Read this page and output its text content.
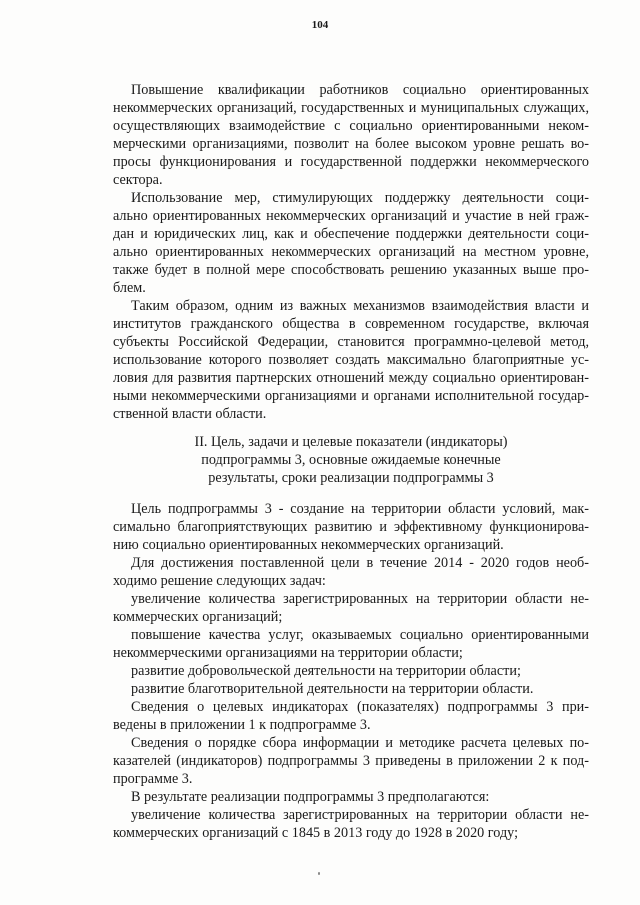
104
Повышение квалификации работников социально ориентированных
некоммерческих организаций, государственных и муниципальных служащих,
осуществляющих взаимодействие с социально ориентированными неком-
мерческими организациями, позволит на более высоком уровне решать во-
просы функционирования и государственной поддержки некоммерческого
сектора.
Использование мер, стимулирующих поддержку деятельности соци-
ально ориентированных некоммерческих организаций и участие в ней граж-
дан и юридических лиц, как и обеспечение поддержки деятельности соци-
ально ориентированных некоммерческих организаций на местном уровне,
также будет в полной мере способствовать решению указанных выше про-
блем.
Таким образом, одним из важных механизмов взаимодействия власти и
институтов гражданского общества в современном государстве, включая
субъекты Российской Федерации, становится программно-целевой метод,
использование которого позволяет создать максимально благоприятные ус-
ловия для развития партнерских отношений между социально ориентирован-
ными некоммерческими организациями и органами исполнительной государ-
ственной власти области.
II. Цель, задачи и целевые показатели (индикаторы)
подпрограммы 3, основные ожидаемые конечные
результаты, сроки реализации подпрограммы 3
Цель подпрограммы 3 - создание на территории области условий, мак-
симально благоприятствующих развитию и эффективному функционирова-
нию социально ориентированных некоммерческих организаций.
Для достижения поставленной цели в течение 2014 - 2020 годов необ-
ходимо решение следующих задач:
увеличение количества зарегистрированных на территории области не-
коммерческих организаций;
повышение качества услуг, оказываемых социально ориентированными
некоммерческими организациями на территории области;
развитие добровольческой деятельности на территории области;
развитие благотворительной деятельности на территории области.
Сведения о целевых индикаторах (показателях) подпрограммы 3 при-
ведены в приложении 1 к подпрограмме 3.
Сведения о порядке сбора информации и методике расчета целевых по-
казателей (индикаторов) подпрограммы 3 приведены в приложении 2 к под-
программе 3.
В результате реализации подпрограммы 3 предполагаются:
увеличение количества зарегистрированных на территории области не-
коммерческих организаций с 1845 в 2013 году до 1928 в 2020 году;
